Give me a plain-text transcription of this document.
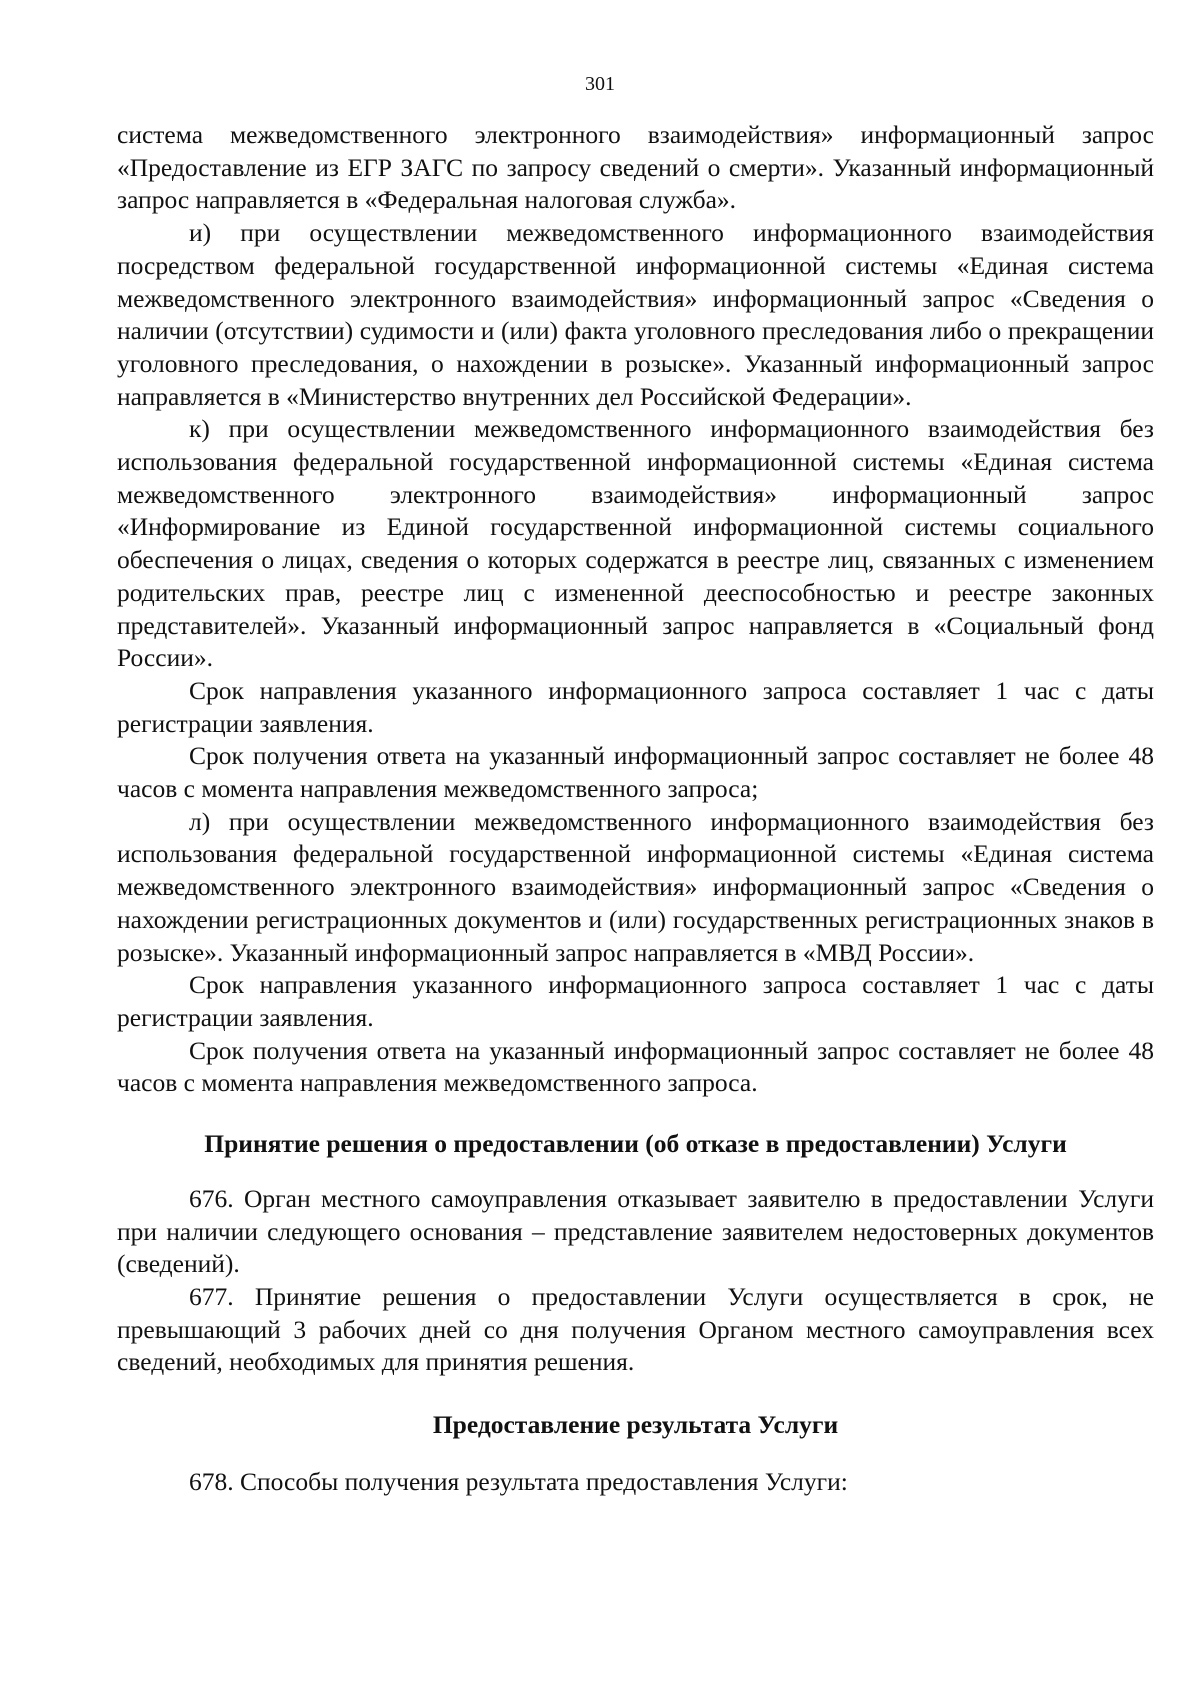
301

система межведомственного электронного взаимодействия» информационный запрос «Предоставление из ЕГР ЗАГС по запросу сведений о смерти». Указанный информационный запрос направляется в «Федеральная налоговая служба».

и) при осуществлении межведомственного информационного взаимодействия посредством федеральной государственной информационной системы «Единая система межведомственного электронного взаимодействия» информационный запрос «Сведения о наличии (отсутствии) судимости и (или) факта уголовного преследования либо о прекращении уголовного преследования, о нахождении в розыске». Указанный информационный запрос направляется в «Министерство внутренних дел Российской Федерации».

к) при осуществлении межведомственного информационного взаимодействия без использования федеральной государственной информационной системы «Единая система межведомственного электронного взаимодействия» информационный запрос «Информирование из Единой государственной информационной системы социального обеспечения о лицах, сведения о которых содержатся в реестре лиц, связанных с изменением родительских прав, реестре лиц с измененной дееспособностью и реестре законных представителей». Указанный информационный запрос направляется в «Социальный фонд России».

Срок направления указанного информационного запроса составляет 1 час с даты регистрации заявления.

Срок получения ответа на указанный информационный запрос составляет не более 48 часов с момента направления межведомственного запроса;

л) при осуществлении межведомственного информационного взаимодействия без использования федеральной государственной информационной системы «Единая система межведомственного электронного взаимодействия» информационный запрос «Сведения о нахождении регистрационных документов и (или) государственных регистрационных знаков в розыске». Указанный информационный запрос направляется в «МВД России».

Срок направления указанного информационного запроса составляет 1 час с даты регистрации заявления.

Срок получения ответа на указанный информационный запрос составляет не более 48 часов с момента направления межведомственного запроса.

Принятие решения о предоставлении (об отказе в предоставлении) Услуги

676. Орган местного самоуправления отказывает заявителю в предоставлении Услуги при наличии следующего основания – представление заявителем недостоверных документов (сведений).

677. Принятие решения о предоставлении Услуги осуществляется в срок, не превышающий 3 рабочих дней со дня получения Органом местного самоуправления всех сведений, необходимых для принятия решения.

Предоставление результата Услуги

678. Способы получения результата предоставления Услуги:
